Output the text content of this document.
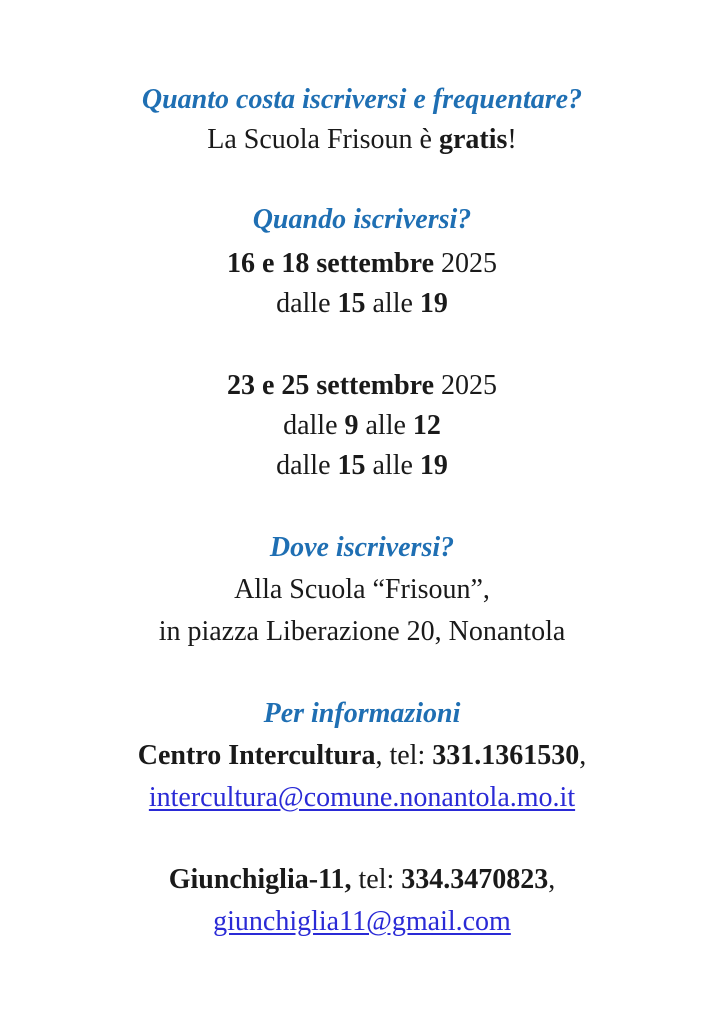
Quanto costa iscriversi e frequentare?
La Scuola Frisoun è gratis!
Quando iscriversi?
16 e 18 settembre 2025
dalle 15 alle 19
23 e 25 settembre 2025
dalle 9 alle 12
dalle 15 alle 19
Dove iscriversi?
Alla Scuola “Frisoun”,
in piazza Liberazione 20, Nonantola
Per informazioni
Centro Intercultura, tel: 331.1361530,
intercultura@comune.nonantola.mo.it
Giunchiglia-11, tel: 334.3470823,
giunchiglia11@gmail.com
